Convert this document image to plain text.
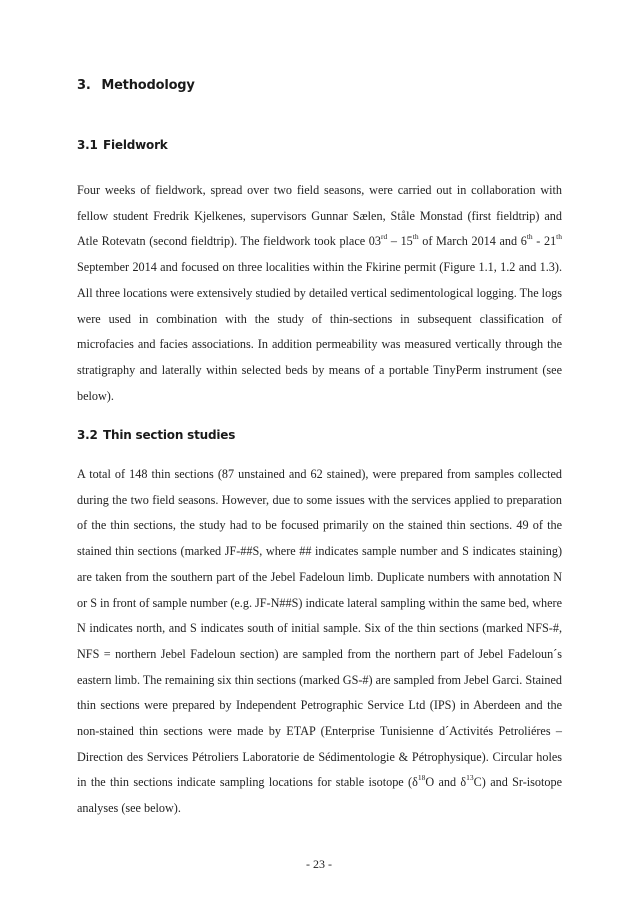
3. Methodology
3.1 Fieldwork
Four weeks of fieldwork, spread over two field seasons, were carried out in collaboration with fellow student Fredrik Kjelkenes, supervisors Gunnar Sælen, Ståle Monstad (first fieldtrip) and Atle Rotevatn (second fieldtrip). The fieldwork took place 03rd – 15th of March 2014 and 6th - 21th September 2014 and focused on three localities within the Fkirine permit (Figure 1.1, 1.2 and 1.3). All three locations were extensively studied by detailed vertical sedimentological logging. The logs were used in combination with the study of thin-sections in subsequent classification of microfacies and facies associations. In addition permeability was measured vertically through the stratigraphy and laterally within selected beds by means of a portable TinyPerm instrument (see below).
3.2 Thin section studies
A total of 148 thin sections (87 unstained and 62 stained), were prepared from samples collected during the two field seasons. However, due to some issues with the services applied to preparation of the thin sections, the study had to be focused primarily on the stained thin sections. 49 of the stained thin sections (marked JF-##S, where ## indicates sample number and S indicates staining) are taken from the southern part of the Jebel Fadeloun limb. Duplicate numbers with annotation N or S in front of sample number (e.g. JF-N##S) indicate lateral sampling within the same bed, where N indicates north, and S indicates south of initial sample. Six of the thin sections (marked NFS-#, NFS = northern Jebel Fadeloun section) are sampled from the northern part of Jebel Fadeloun´s eastern limb. The remaining six thin sections (marked GS-#) are sampled from Jebel Garci. Stained thin sections were prepared by Independent Petrographic Service Ltd (IPS) in Aberdeen and the non-stained thin sections were made by ETAP (Enterprise Tunisienne d´Activités Petroliéres – Direction des Services Pétroliers Laboratorie de Sédimentologie & Pétrophysique). Circular holes in the thin sections indicate sampling locations for stable isotope ($\delta^{18}O$ and $\delta^{13}C$) and Sr-isotope analyses (see below).
- 23 -
